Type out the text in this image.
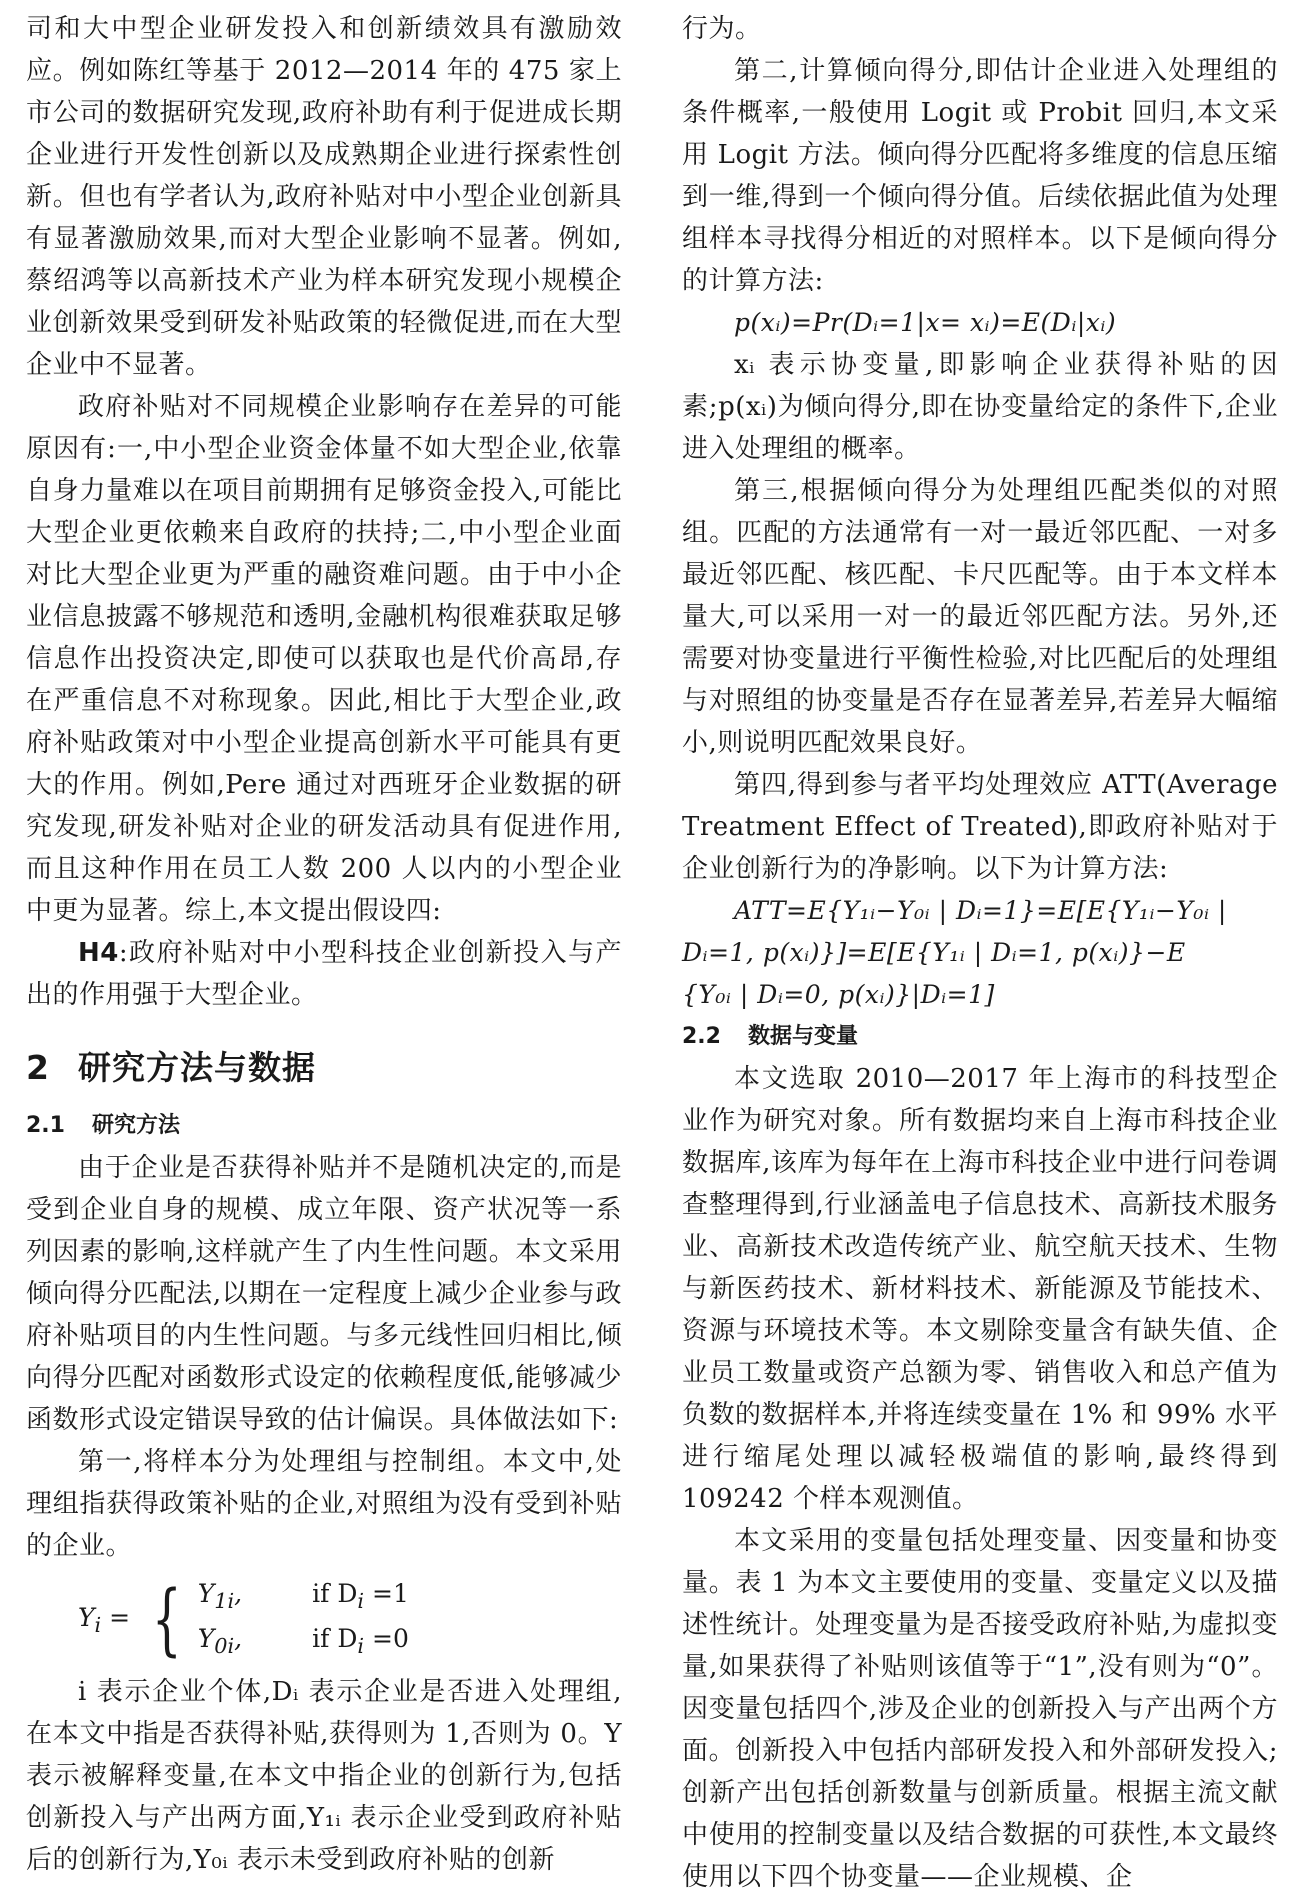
司和大中型企业研发投入和创新绩效具有激励效应。例如陈红等基于 2012—2014 年的 475 家上市公司的数据研究发现,政府补助有利于促进成长期企业进行开发性创新以及成熟期企业进行探索性创新。但也有学者认为,政府补贴对中小型企业创新具有显著激励效果,而对大型企业影响不显著。例如,蔡绍鸿等以高新技术产业为样本研究发现小规模企业创新效果受到研发补贴政策的轻微促进,而在大型企业中不显著。

政府补贴对不同规模企业影响存在差异的可能原因有:一,中小型企业资金体量不如大型企业,依靠自身力量难以在项目前期拥有足够资金投入,可能比大型企业更依赖来自政府的扶持;二,中小型企业面对比大型企业更为严重的融资难问题。由于中小企业信息披露不够规范和透明,金融机构很难获取足够信息作出投资决定,即使可以获取也是代价高昂,存在严重信息不对称现象。因此,相比于大型企业,政府补贴政策对中小型企业提高创新水平可能具有更大的作用。例如,Pere 通过对西班牙企业数据的研究发现,研发补贴对企业的研发活动具有促进作用,而且这种作用在员工人数 200 人以内的小型企业中更为显著。综上,本文提出假设四:

H4:政府补贴对中小型科技企业创新投入与产出的作用强于大型企业。

2 研究方法与数据
2.1 研究方法

由于企业是否获得补贴并不是随机决定的,而是受到企业自身的规模、成立年限、资产状况等一系列因素的影响,这样就产生了内生性问题。本文采用倾向得分匹配法,以期在一定程度上减少企业参与政府补贴项目的内生性问题。与多元线性回归相比,倾向得分匹配对函数形式设定的依赖程度低,能够减少函数形式设定错误导致的估计偏误。具体做法如下:

第一,将样本分为处理组与控制组。本文中,处理组指获得政策补贴的企业,对照组为没有受到补贴的企业。

$Y_i$ = { $Y_{1i}$,	if $D_i =1$
$Y_{0i}$,	if $D_i =0$

i 表示企业个体,Dᵢ 表示企业是否进入处理组,在本文中指是否获得补贴,获得则为 1,否则为 0。Y 表示被解释变量,在本文中指企业的创新行为,包括创新投入与产出两方面,Y₁ᵢ 表示企业受到政府补贴后的创新行为,Y₀ᵢ 表示未受到政府补贴的创新

行为。

第二,计算倾向得分,即估计企业进入处理组的条件概率,一般使用 Logit 或 Probit 回归,本文采用 Logit 方法。倾向得分匹配将多维度的信息压缩到一维,得到一个倾向得分值。后续依据此值为处理组样本寻找得分相近的对照样本。以下是倾向得分的计算方法:

p(xᵢ)=Pr(Dᵢ=1|x= xᵢ)=E(Dᵢ|xᵢ)

xᵢ 表示协变量,即影响企业获得补贴的因素;p(xᵢ)为倾向得分,即在协变量给定的条件下,企业进入处理组的概率。

第三,根据倾向得分为处理组匹配类似的对照组。匹配的方法通常有一对一最近邻匹配、一对多最近邻匹配、核匹配、卡尺匹配等。由于本文样本量大,可以采用一对一的最近邻匹配方法。另外,还需要对协变量进行平衡性检验,对比匹配后的处理组与对照组的协变量是否存在显著差异,若差异大幅缩小,则说明匹配效果良好。

第四,得到参与者平均处理效应 ATT(Average Treatment Effect of Treated),即政府补贴对于企业创新行为的净影响。以下为计算方法:

ATT=E{Y₁ᵢ−Y₀ᵢ | Dᵢ=1}=E[E{Y₁ᵢ−Y₀ᵢ |

Dᵢ=1, p(xᵢ)}]=E[E{Y₁ᵢ | Dᵢ=1, p(xᵢ)}−E

{Y₀ᵢ | Dᵢ=0, p(xᵢ)}|Dᵢ=1]

2.2 数据与变量

本文选取 2010—2017 年上海市的科技型企业作为研究对象。所有数据均来自上海市科技企业数据库,该库为每年在上海市科技企业中进行问卷调查整理得到,行业涵盖电子信息技术、高新技术服务业、高新技术改造传统产业、航空航天技术、生物与新医药技术、新材料技术、新能源及节能技术、资源与环境技术等。本文剔除变量含有缺失值、企业员工数量或资产总额为零、销售收入和总产值为负数的数据样本,并将连续变量在 1% 和 99% 水平进行缩尾处理以减轻极端值的影响,最终得到 109242 个样本观测值。

本文采用的变量包括处理变量、因变量和协变量。表 1 为本文主要使用的变量、变量定义以及描述性统计。处理变量为是否接受政府补贴,为虚拟变量,如果获得了补贴则该值等于“1”,没有则为“0”。因变量包括四个,涉及企业的创新投入与产出两个方面。创新投入中包括内部研发投入和外部研发投入;创新产出包括创新数量与创新质量。根据主流文献中使用的控制变量以及结合数据的可获性,本文最终使用以下四个协变量——企业规模、企
